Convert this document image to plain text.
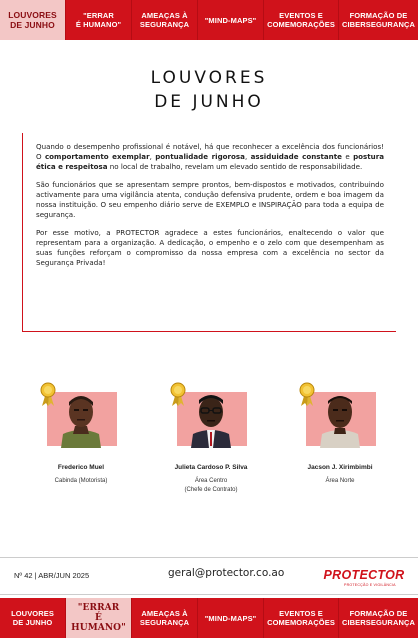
LOUVORES
DE JUNHO
"ERRAR
É HUMANO"
AMEAÇAS À
SEGURANÇA	"MIND-MAPS"	EVENTOS E
COMEMORAÇÕES
FORMAÇÃO DE
CIBERSEGURANÇA
LOUVORES
DE JUNHO

Quando o desempenho profissional é notável, há que reconhecer a excelência dos funcionários! O comportamento exemplar, pontualidade rigorosa, assiduidade constante e postura ética e respeitosa no local de trabalho, revelam um elevado sentido de responsabilidade.

São funcionários que se apresentam sempre prontos, bem-dispostos e motivados, contribuindo activamente para uma vigilância atenta, condução defensiva prudente, ordem e boa imagem da nossa instituição. O seu empenho diário serve de EXEMPLO e INSPIRAÇÃO para toda a equipa de segurança.

Por esse motivo, a PROTECTOR agradece a estes funcionários, enaltecendo o valor que representam para a organização. A dedicação, o empenho e o zelo com que desempenham as suas funções reforçam o compromisso da nossa empresa com a excelência no sector da Segurança Privada!

Frederico Muel
Cabinda (Motorista)
Julieta Cardoso P. Silva
Área Centro
(Chefe de Contrato)
Jacson J. Xirimbimbi
Área Norte
Nº 42 | ABR/JUN 2025	geral@protector.co.ao	PROTECTOR
PROTECÇÃO E VIGILÂNCIA
LOUVORES
DE JUNHO
"ERRAR
É HUMANO"
AMEAÇAS À
SEGURANÇA	"MIND-MAPS"	EVENTOS E
COMEMORAÇÕES
FORMAÇÃO DE
CIBERSEGURANÇA
